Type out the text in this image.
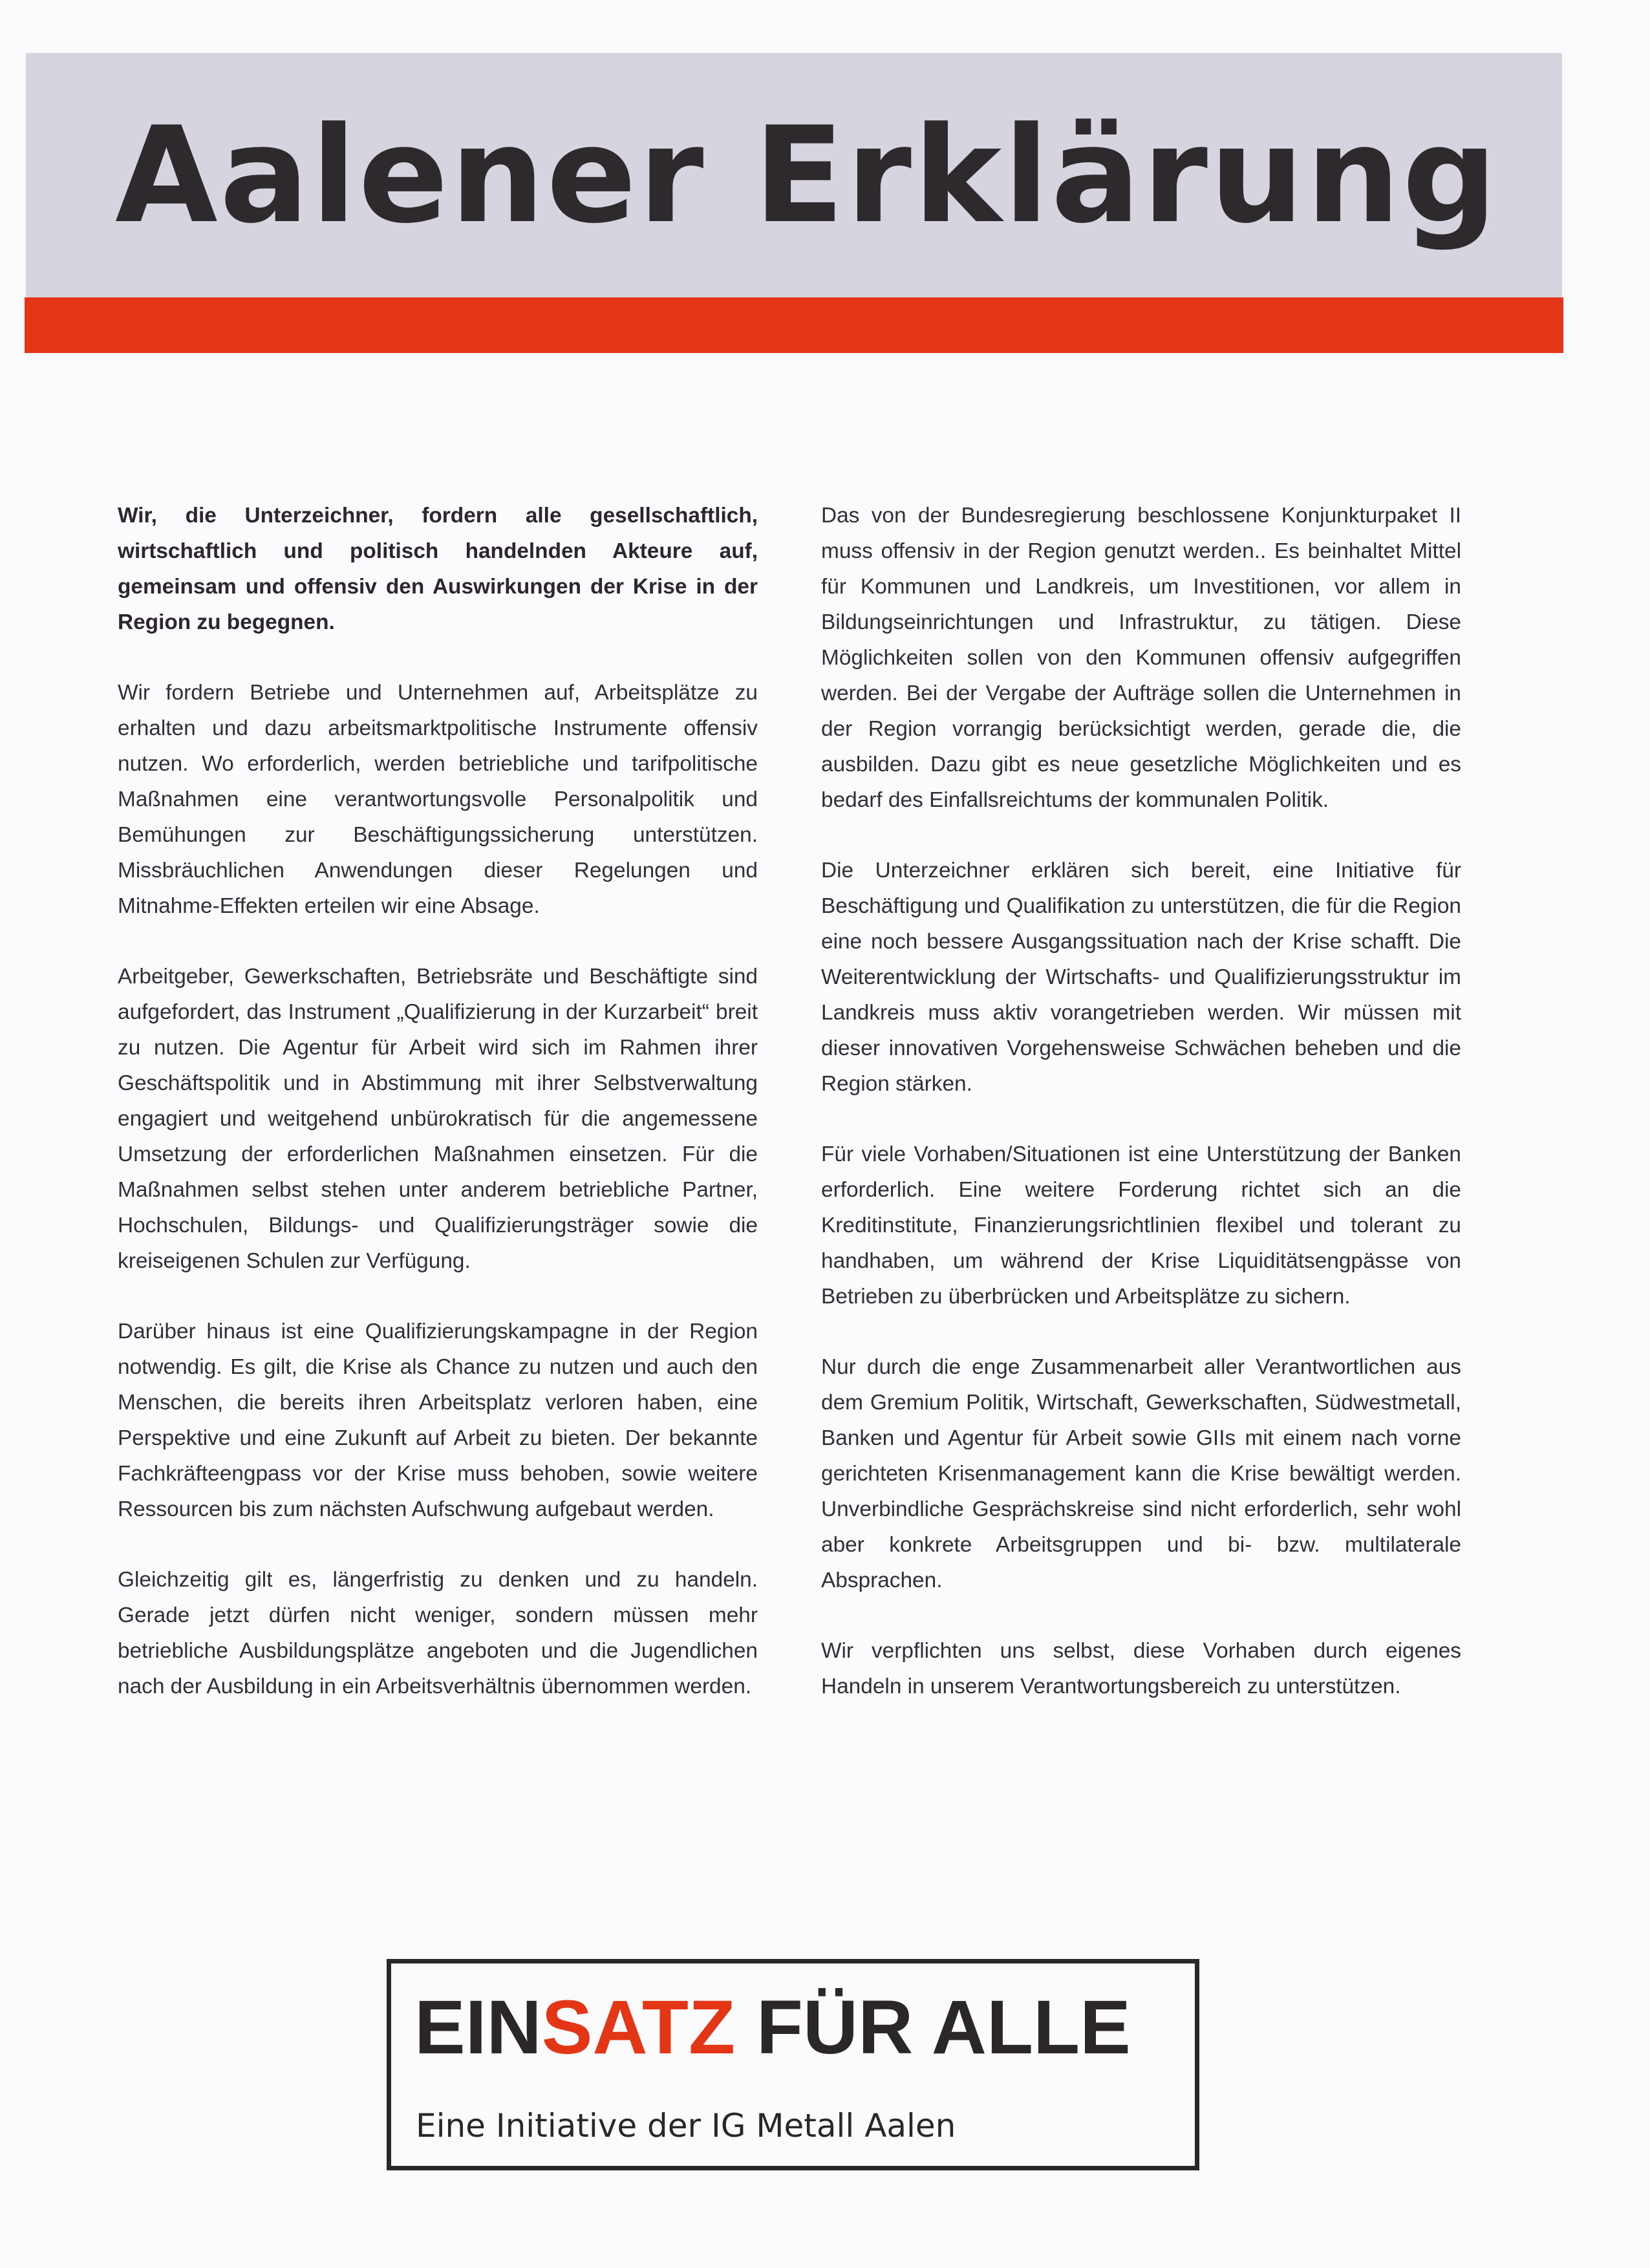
Aalener Erklärung

Wir, die Unterzeichner, fordern alle gesellschaftlich, wirtschaftlich und politisch handelnden Akteure auf, gemeinsam und offensiv den Auswirkungen der Krise in der Region zu begegnen.

Wir fordern Betriebe und Unternehmen auf, Arbeitsplätze zu erhalten und dazu arbeitsmarktpolitische Instrumente offensiv nutzen. Wo erforderlich, werden betriebliche und tarifpolitische Maßnahmen eine verantwortungsvolle Personalpolitik und Bemühungen zur Beschäftigungssicherung unterstützen. Missbräuchlichen Anwendungen dieser Regelungen und Mitnahme-Effekten erteilen wir eine Absage.

Arbeitgeber, Gewerkschaften, Betriebsräte und Beschäftigte sind aufgefordert, das Instrument „Qualifizierung in der Kurzarbeit“ breit zu nutzen. Die Agentur für Arbeit wird sich im Rahmen ihrer Geschäftspolitik und in Abstimmung mit ihrer Selbstverwaltung engagiert und weitgehend unbürokratisch für die angemessene Umsetzung der erforderlichen Maßnahmen einsetzen. Für die Maßnahmen selbst stehen unter anderem betriebliche Partner, Hochschulen, Bildungs- und Qualifizierungsträger sowie die kreiseigenen Schulen zur Verfügung.

Darüber hinaus ist eine Qualifizierungskampagne in der Region notwendig. Es gilt, die Krise als Chance zu nutzen und auch den Menschen, die bereits ihren Arbeitsplatz verloren haben, eine Perspektive und eine Zukunft auf Arbeit zu bieten. Der bekannte Fachkräfteengpass vor der Krise muss behoben, sowie weitere Ressourcen bis zum nächsten Aufschwung aufgebaut werden.

Gleichzeitig gilt es, längerfristig zu denken und zu handeln. Gerade jetzt dürfen nicht weniger, sondern müssen mehr betriebliche Ausbildungsplätze angeboten und die Jugendlichen nach der Ausbildung in ein Arbeitsverhältnis übernommen werden.

Das von der Bundesregierung beschlossene Konjunkturpaket II muss offensiv in der Region genutzt werden.. Es beinhaltet Mittel für Kommunen und Landkreis, um Investitionen, vor allem in Bildungseinrichtungen und Infrastruktur, zu tätigen. Diese Möglichkeiten sollen von den Kommunen offensiv aufgegriffen werden. Bei der Vergabe der Aufträge sollen die Unternehmen in der Region vorrangig berücksichtigt werden, gerade die, die ausbilden. Dazu gibt es neue gesetzliche Möglichkeiten und es bedarf des Einfallsreichtums der kommunalen Politik.

Die Unterzeichner erklären sich bereit, eine Initiative für Beschäftigung und Qualifikation zu unterstützen, die für die Region eine noch bessere Ausgangssituation nach der Krise schafft. Die Weiterentwicklung der Wirtschafts- und Qualifizierungsstruktur im Landkreis muss aktiv vorangetrieben werden. Wir müssen mit dieser innovativen Vorgehensweise Schwächen beheben und die Region stärken.

Für viele Vorhaben/Situationen ist eine Unterstützung der Banken erforderlich. Eine weitere Forderung richtet sich an die Kreditinstitute, Finanzierungsrichtlinien flexibel und tolerant zu handhaben, um während der Krise Liquiditätsengpässe von Betrieben zu überbrücken und Arbeitsplätze zu sichern.

Nur durch die enge Zusammenarbeit aller Verantwortlichen aus dem Gremium Politik, Wirtschaft, Gewerkschaften, Südwestmetall, Banken und Agentur für Arbeit sowie GIIs mit einem nach vorne gerichteten Krisenmanagement kann die Krise bewältigt werden. Unverbindliche Gesprächskreise sind nicht erforderlich, sehr wohl aber konkrete Arbeitsgruppen und bi- bzw. multilaterale Absprachen.

Wir verpflichten uns selbst, diese Vorhaben durch eigenes Handeln in unserem Verantwortungsbereich zu unterstützen.

EINSATZ FÜR ALLE
Eine Initiative der IG Metall Aalen
